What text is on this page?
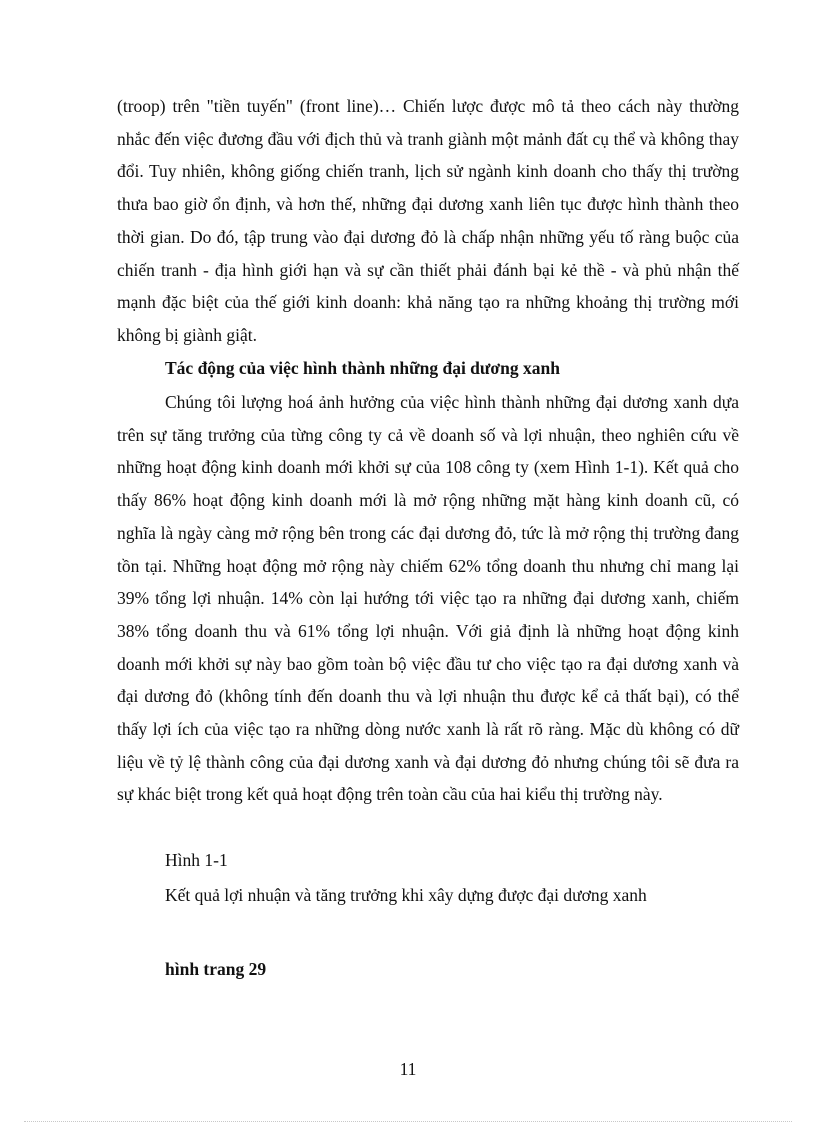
(troop) trên "tiền tuyến" (front line)… Chiến lược được mô tả theo cách này thường nhắc đến việc đương đầu với địch thủ và tranh giành một mảnh đất cụ thể và không thay đổi. Tuy nhiên, không giống chiến tranh, lịch sử ngành kinh doanh cho thấy thị trường thưa bao giờ ổn định, và hơn thế, những đại dương xanh liên tục được hình thành theo thời gian. Do đó, tập trung vào đại dương đỏ là chấp nhận những yếu tố ràng buộc của chiến tranh - địa hình giới hạn và sự cần thiết phải đánh bại kẻ thề - và phủ nhận thế mạnh đặc biệt của thế giới kinh doanh: khả năng tạo ra những khoảng thị trường mới không bị giành giật.

Tác động của việc hình thành những đại dương xanh

Chúng tôi lượng hoá ảnh hưởng của việc hình thành những đại dương xanh dựa trên sự tăng trưởng của từng công ty cả về doanh số và lợi nhuận, theo nghiên cứu về những hoạt động kinh doanh mới khởi sự của 108 công ty (xem Hình 1-1). Kết quả cho thấy 86% hoạt động kinh doanh mới là mở rộng những mặt hàng kinh doanh cũ, có nghĩa là ngày càng mở rộng bên trong các đại dương đỏ, tức là mở rộng thị trường đang tồn tại. Những hoạt động mở rộng này chiếm 62% tổng doanh thu nhưng chỉ mang lại 39% tổng lợi nhuận. 14% còn lại hướng tới việc tạo ra những đại dương xanh, chiếm 38% tổng doanh thu và 61% tổng lợi nhuận. Với giả định là những hoạt động kinh doanh mới khởi sự này bao gồm toàn bộ việc đầu tư cho việc tạo ra đại dương xanh và đại dương đỏ (không tính đến doanh thu và lợi nhuận thu được kể cả thất bại), có thể thấy lợi ích của việc tạo ra những dòng nước xanh là rất rõ ràng. Mặc dù không có dữ liệu về tỷ lệ thành công của đại dương xanh và đại dương đỏ nhưng chúng tôi sẽ đưa ra sự khác biệt trong kết quả hoạt động trên toàn cầu của hai kiểu thị trường này.

Hình 1-1

Kết quả lợi nhuận và tăng trưởng khi xây dựng được đại dương xanh

hình trang 29

11
